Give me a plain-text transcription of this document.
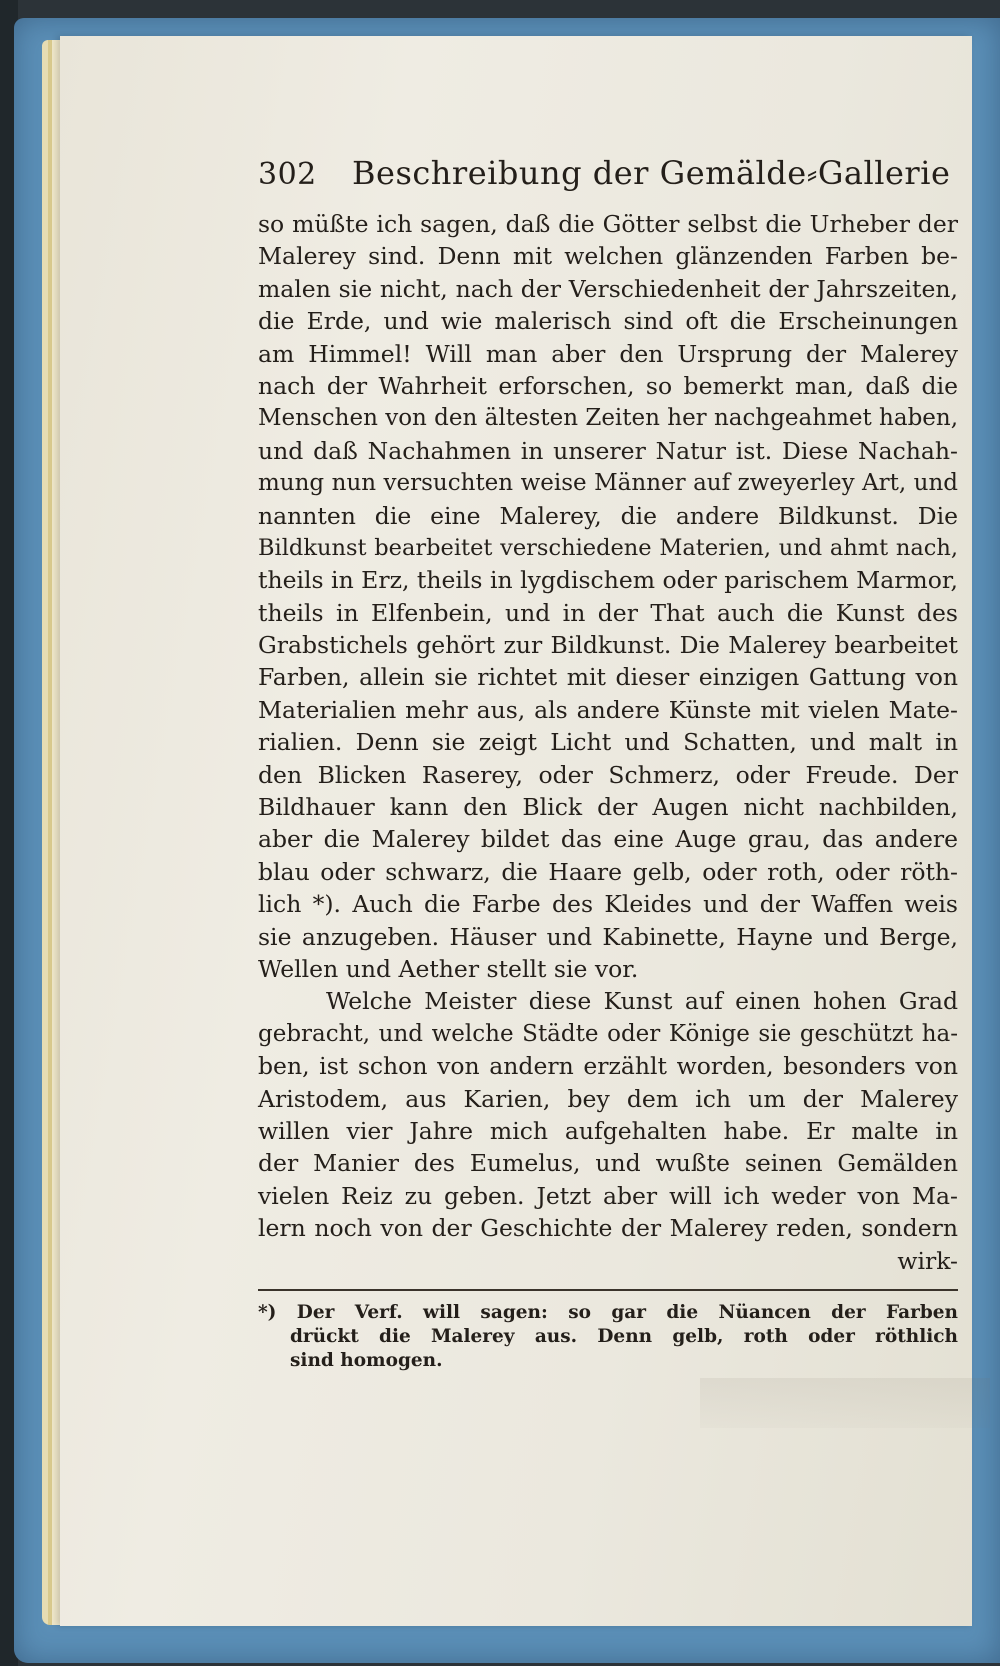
302	Beschreibung der Gemälde⸗Gallerie
so müßte ich sagen, daß die Götter selbst die Urheber der
Malerey sind. Denn mit welchen glänzenden Farben be-
malen sie nicht, nach der Verschiedenheit der Jahrszeiten,
die Erde, und wie malerisch sind oft die Erscheinungen
am Himmel! Will man aber den Ursprung der Malerey
nach der Wahrheit erforschen, so bemerkt man, daß die
Menschen von den ältesten Zeiten her nachgeahmet haben,
und daß Nachahmen in unserer Natur ist. Diese Nachah-
mung nun versuchten weise Männer auf zweyerley Art, und
nannten die eine Malerey, die andere Bildkunst. Die
Bildkunst bearbeitet verschiedene Materien, und ahmt nach,
theils in Erz, theils in lygdischem oder parischem Marmor,
theils in Elfenbein, und in der That auch die Kunst des
Grabstichels gehört zur Bildkunst. Die Malerey bearbeitet
Farben, allein sie richtet mit dieser einzigen Gattung von
Materialien mehr aus, als andere Künste mit vielen Mate-
rialien. Denn sie zeigt Licht und Schatten, und malt in
den Blicken Raserey, oder Schmerz, oder Freude. Der
Bildhauer kann den Blick der Augen nicht nachbilden,
aber die Malerey bildet das eine Auge grau, das andere
blau oder schwarz, die Haare gelb, oder roth, oder röth-
lich *). Auch die Farbe des Kleides und der Waffen weis
sie anzugeben. Häuser und Kabinette, Hayne und Berge,
Wellen und Aether stellt sie vor.
Welche Meister diese Kunst auf einen hohen Grad
gebracht, und welche Städte oder Könige sie geschützt ha-
ben, ist schon von andern erzählt worden, besonders von
Aristodem, aus Karien, bey dem ich um der Malerey
willen vier Jahre mich aufgehalten habe. Er malte in
der Manier des Eumelus, und wußte seinen Gemälden
vielen Reiz zu geben. Jetzt aber will ich weder von Ma-
lern noch von der Geschichte der Malerey reden, sondern
wirk-
*) Der Verf. will sagen: so gar die Nüancen der Farben
drückt die Malerey aus. Denn gelb, roth oder röthlich
sind homogen.
